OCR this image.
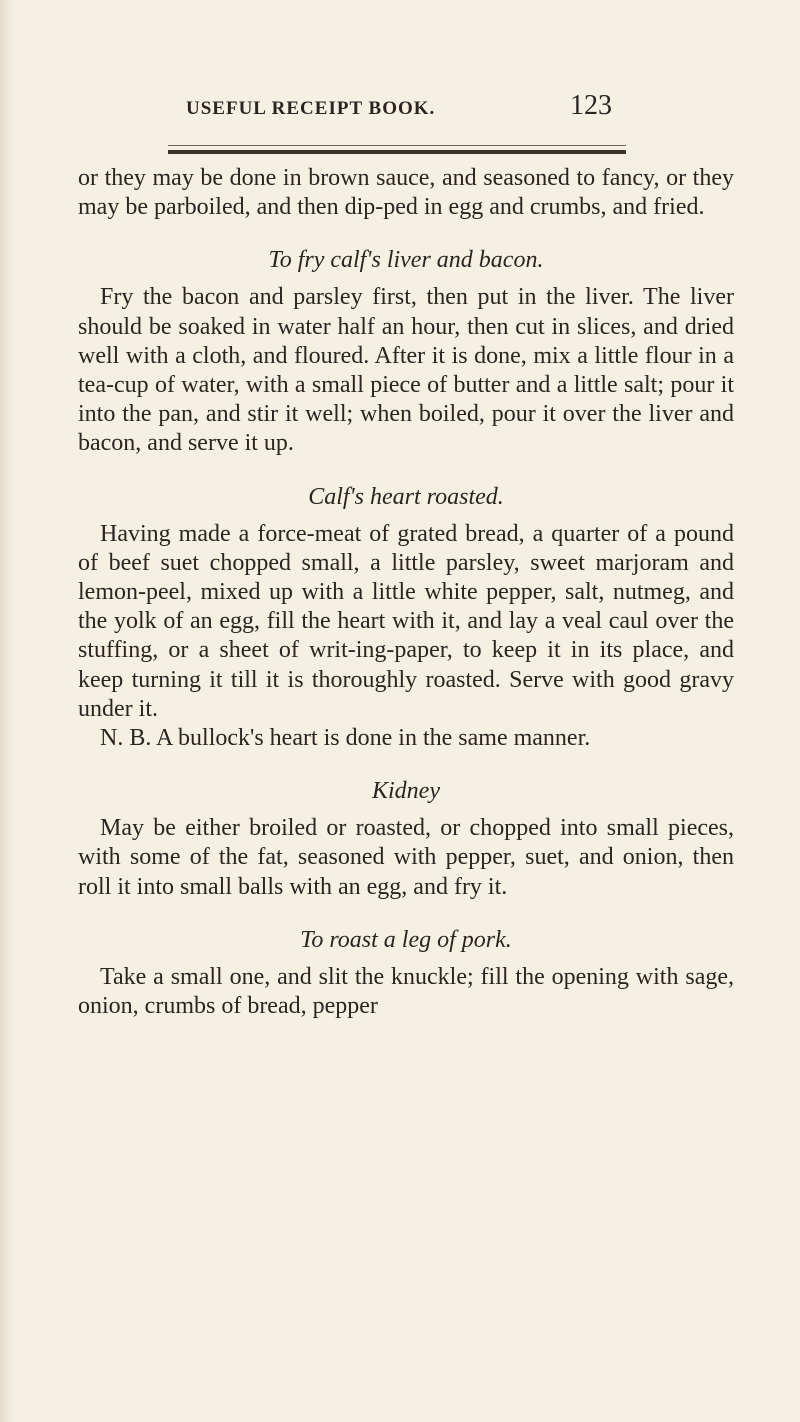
USEFUL RECEIPT BOOK.	123

or they may be done in brown sauce, and seasoned to fancy, or they may be parboiled, and then dip-ped in egg and crumbs, and fried.

To fry calf's liver and bacon.

Fry the bacon and parsley first, then put in the liver. The liver should be soaked in water half an hour, then cut in slices, and dried well with a cloth, and floured. After it is done, mix a little flour in a tea-cup of water, with a small piece of butter and a little salt; pour it into the pan, and stir it well; when boiled, pour it over the liver and bacon, and serve it up.

Calf's heart roasted.

Having made a force-meat of grated bread, a quarter of a pound of beef suet chopped small, a little parsley, sweet marjoram and lemon-peel, mixed up with a little white pepper, salt, nutmeg, and the yolk of an egg, fill the heart with it, and lay a veal caul over the stuffing, or a sheet of writ-ing-paper, to keep it in its place, and keep turning it till it is thoroughly roasted. Serve with good gravy under it.

N. B. A bullock's heart is done in the same manner.

Kidney

May be either broiled or roasted, or chopped into small pieces, with some of the fat, seasoned with pepper, suet, and onion, then roll it into small balls with an egg, and fry it.

To roast a leg of pork.

Take a small one, and slit the knuckle; fill the opening with sage, onion, crumbs of bread, pepper
